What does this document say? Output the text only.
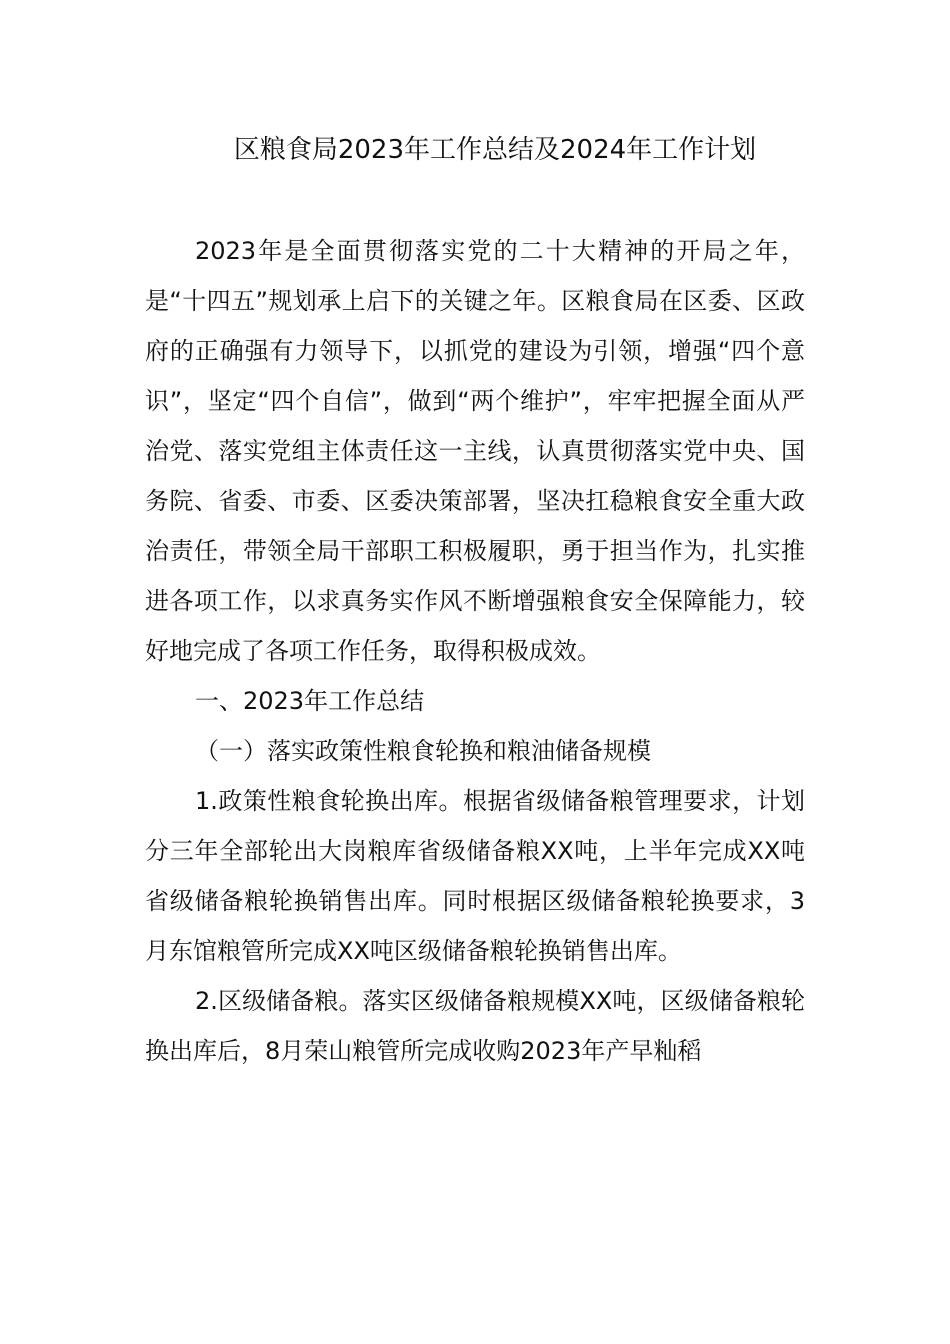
区粮食局2023年工作总结及2024年工作计划

2023年是全面贯彻落实党的二十大精神的开局之年，是“十四五”规划承上启下的关键之年。区粮食局在区委、区政府的正确强有力领导下，以抓党的建设为引领，增强“四个意识”，坚定“四个自信”，做到“两个维护”，牢牢把握全面从严治党、落实党组主体责任这一主线，认真贯彻落实党中央、国务院、省委、市委、区委决策部署，坚决扛稳粮食安全重大政治责任，带领全局干部职工积极履职，勇于担当作为，扎实推进各项工作，以求真务实作风不断增强粮食安全保障能力，较好地完成了各项工作任务，取得积极成效。

一、2023年工作总结

（一）落实政策性粮食轮换和粮油储备规模

1.政策性粮食轮换出库。根据省级储备粮管理要求，计划分三年全部轮出大岗粮库省级储备粮XX吨，上半年完成XX吨省级储备粮轮换销售出库。同时根据区级储备粮轮换要求，3月东馆粮管所完成XX吨区级储备粮轮换销售出库。

2.区级储备粮。落实区级储备粮规模XX吨，区级储备粮轮换出库后，8月荣山粮管所完成收购2023年产早籼稻
